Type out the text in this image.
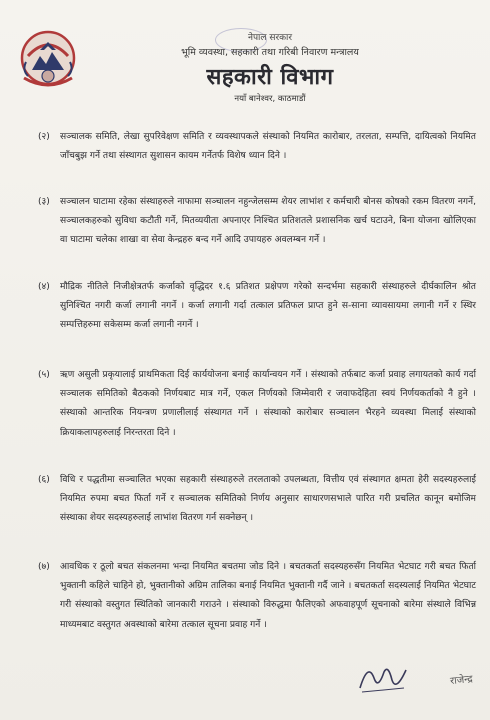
नेपाल सरकार
भूमि व्यवस्था, सहकारी तथा गरिबी निवारण मन्त्रालय
सहकारी विभाग
नयाँ बानेश्वर, काठमाडौं
(२)	सञ्चालक समिति, लेखा सुपरिवेक्षण समिति र व्यवस्थापकले संस्थाको नियमित कारोबार, तरलता, सम्पत्ति, दायित्वको नियमित जाँचबुझ गर्ने तथा संस्थागत सुशासन कायम गर्नेतर्फ विशेष ध्यान दिने ।
(३)	सञ्चालन घाटामा रहेका संस्थाहरुले नाफामा सञ्चालन नहुन्जेलसम्म शेयर लाभांश र कर्मचारी बोनस कोषको रकम वितरण नगर्ने, सञ्चालकहरुको सुविधा कटौती गर्ने, मितव्ययीता अपनाएर निश्चित प्रतिशतले प्रशासनिक खर्च घटाउने, बिना योजना खोलिएका वा घाटामा चलेका शाखा वा सेवा केन्द्रहरु बन्द गर्ने आदि उपायहरु अवलम्बन गर्ने ।
(४)	मौद्रिक नीतिले निजीक्षेत्रतर्फ कर्जाको वृद्धिदर १.६ प्रतिशत प्रक्षेपण गरेको सन्दर्भमा सहकारी संस्थाहरुले दीर्घकालिन श्रोत सुनिश्चित नगरी कर्जा लगानी नगर्ने । कर्जा लगानी गर्दा तत्काल प्रतिफल प्राप्त हुने स-साना व्यावसायमा लगानी गर्ने र स्थिर सम्पत्तिहरुमा सकेसम्म कर्जा लगानी नगर्ने ।
(५)	ऋण असुली प्रकृयालाई प्राथमिकता दिई कार्ययोजना बनाई कार्यान्वयन गर्ने । संस्थाको तर्फबाट कर्जा प्रवाह लगायतको कार्य गर्दा सञ्चालक समितिको बैठकको निर्णयबाट मात्र गर्ने, एकल निर्णयको जिम्मेवारी र जवाफदेहिता स्वयं निर्णयकर्ताको नै हुने । संस्थाको आन्तरिक नियन्त्रण प्रणालीलाई संस्थागत गर्ने । संस्थाको कारोबार सञ्चालन भैरहने व्यवस्था मिलाई संस्थाको क्रियाकलापहरुलाई निरन्तरता दिने ।
(६)	विधि र पद्धतीमा सञ्चालित भएका सहकारी संस्थाहरुले तरलताको उपलब्धता, वित्तीय एवं संस्थागत क्षमता हेरी सदस्यहरुलाई नियमित रुपमा बचत फिर्ता गर्ने र सञ्चालक समितिको निर्णय अनुसार साधारणसभाले पारित गरी प्रचलित कानून बमोजिम संस्थाका शेयर सदस्यहरुलाई लाभांश वितरण गर्न सक्नेछन् ।
(७)	आवधिक र ठूलो बचत संकलनमा भन्दा नियमित बचतमा जोड दिने । बचतकर्ता सदस्यहरुसँग नियमित भेटघाट गरी बचत फिर्ता भुक्तानी कहिले चाहिने हो, भुक्तानीको अग्रिम तालिका बनाई नियमित भुक्तानी गर्दै जाने । बचतकर्ता सदस्यलाई नियमित भेटघाट गरी संस्थाको वस्तुगत स्थितिको जानकारी गराउने । संस्थाको विरुद्धमा फैलिएको अफवाहपूर्ण सूचनाको बारेमा संस्थाले विभिन्न माध्यमबाट वस्तुगत अवस्थाको बारेमा तत्काल सूचना प्रवाह गर्ने ।
राजेन्द्र
